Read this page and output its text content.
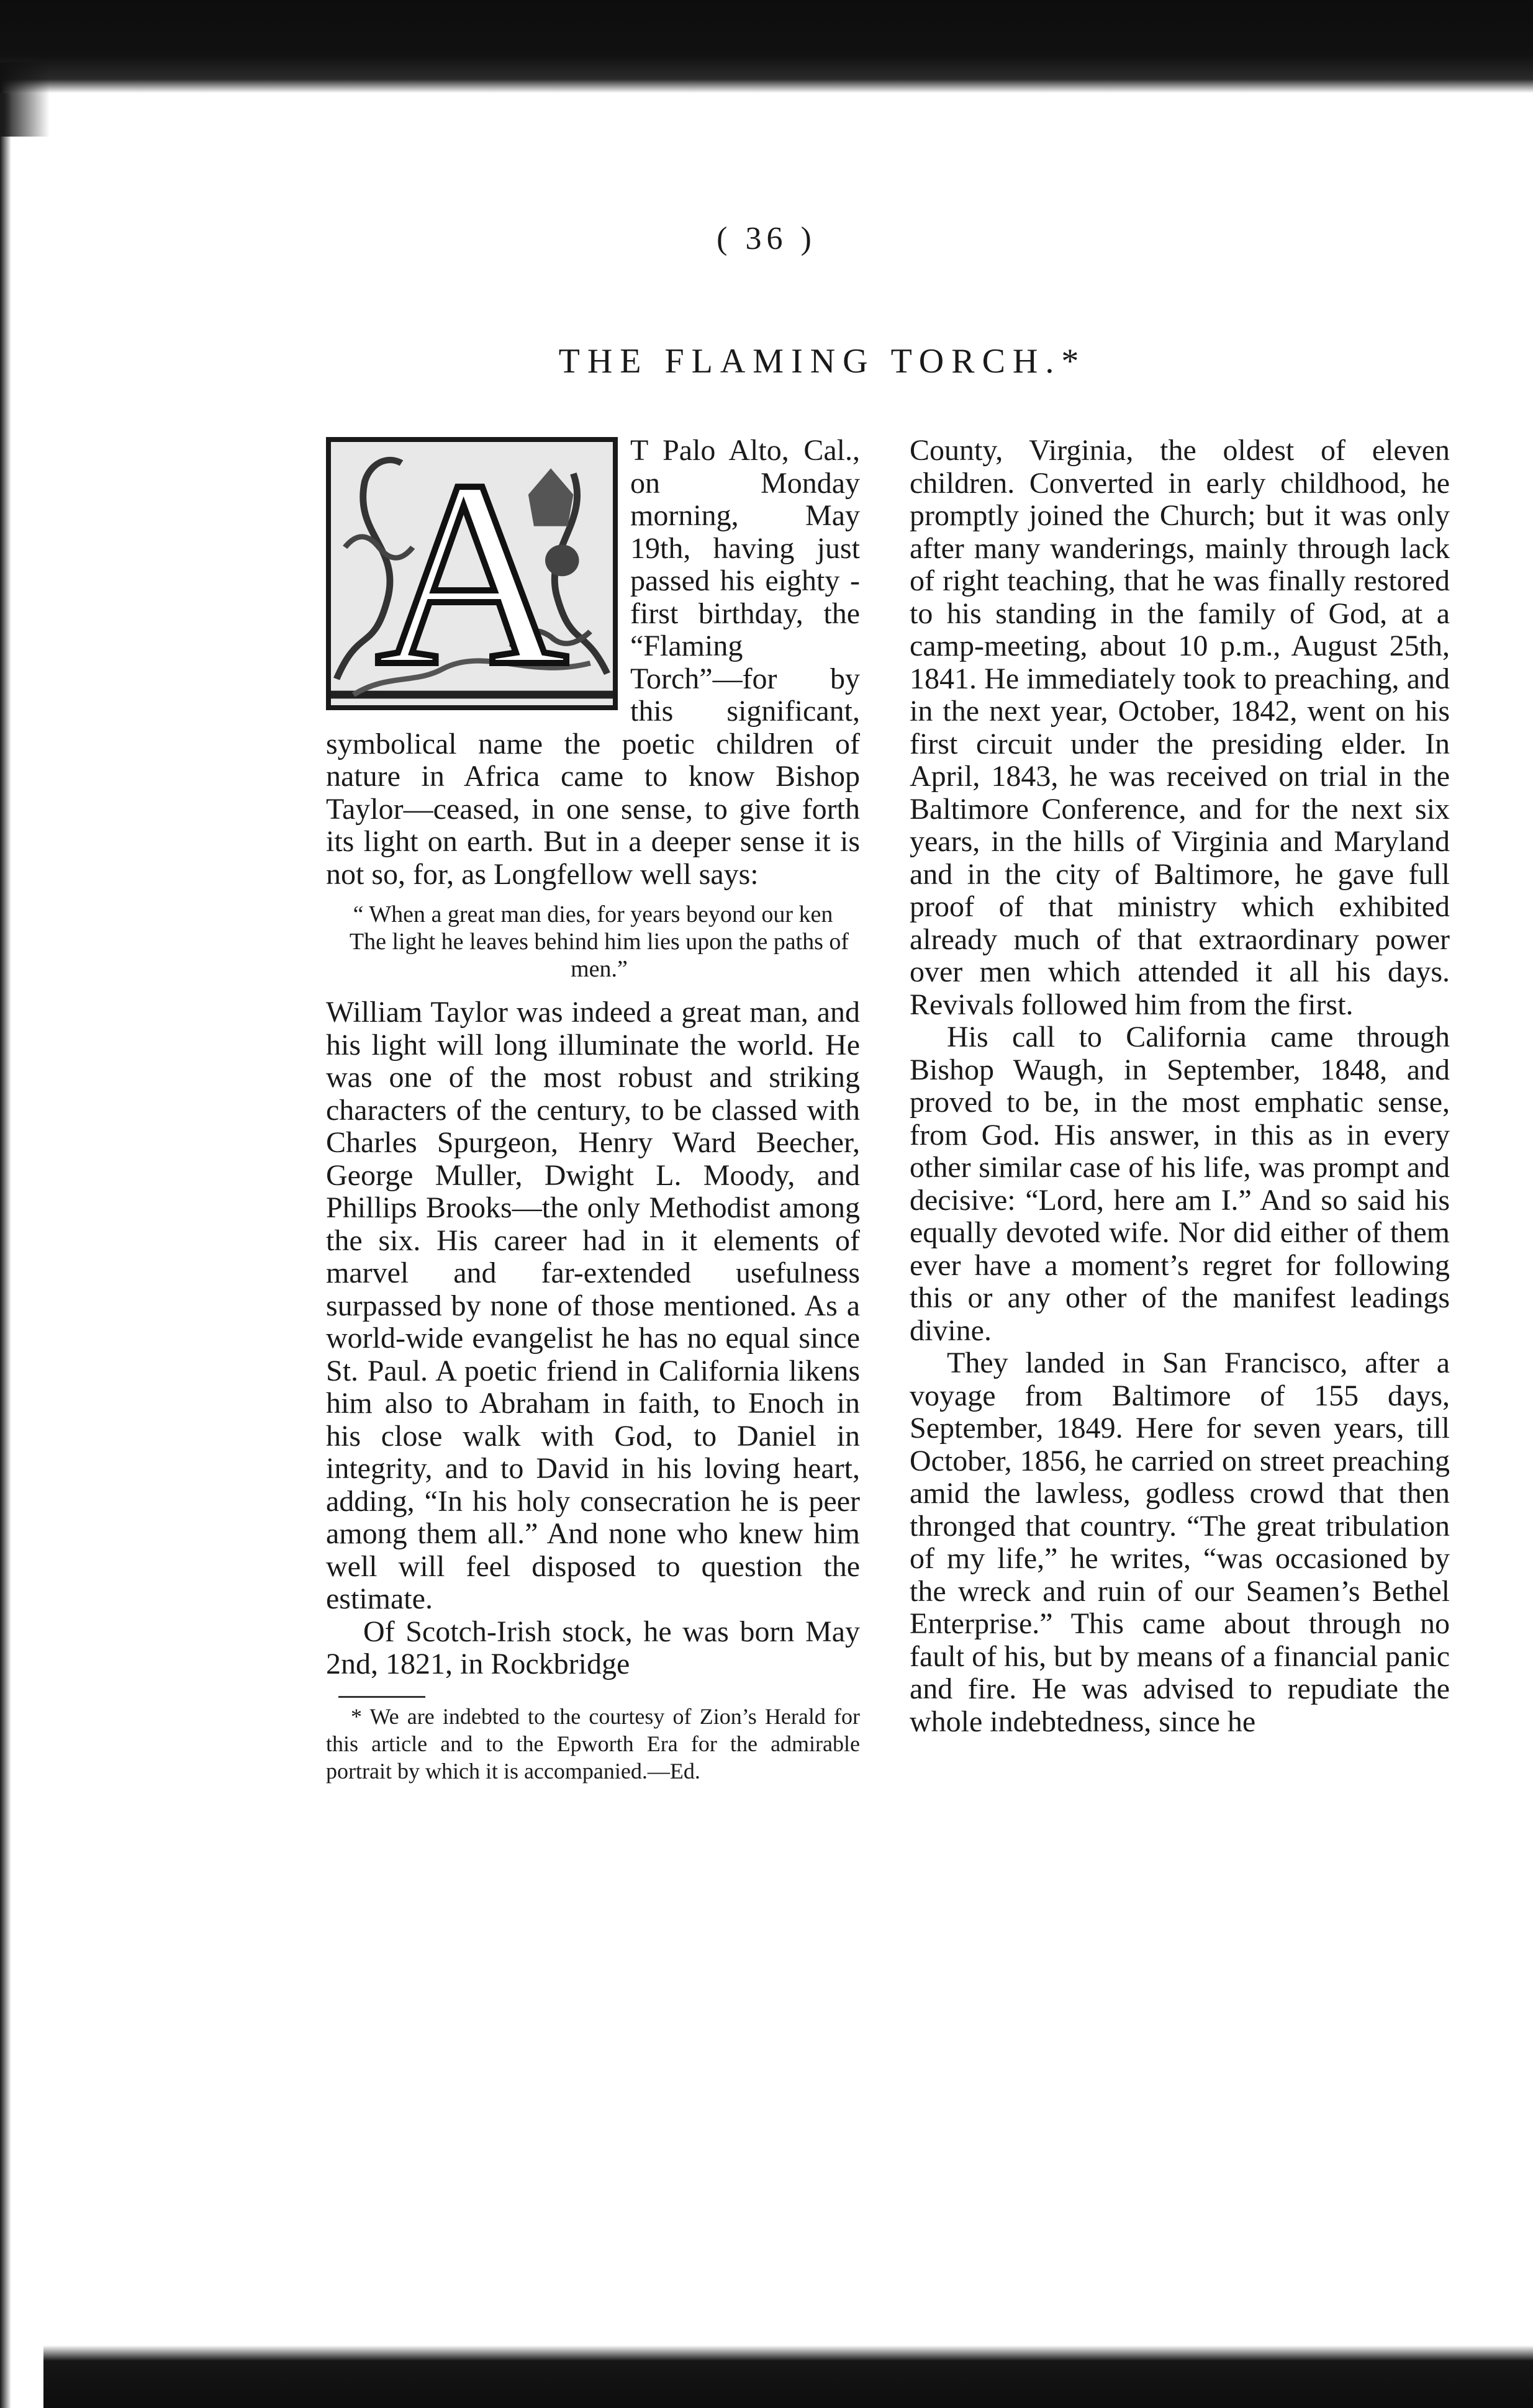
( 36 )
THE FLAMING TORCH.*
A	T Palo Alto, Cal., on Monday morning, May 19th, having just passed his eighty - first birthday, the “Flaming Torch”—for by this significant, symbolical name the poetic children of nature in Africa came to know Bishop Taylor—ceased, in one sense, to give forth its light on earth. But in a deeper sense it is not so, for, as Longfellow well says:

“ When a great man dies, for years beyond our ken
The light he leaves behind him lies upon the paths of men.”

William Taylor was indeed a great man, and his light will long illuminate the world. He was one of the most robust and striking characters of the century, to be classed with Charles Spurgeon, Henry Ward Beecher, George Muller, Dwight L. Moody, and Phillips Brooks—the only Methodist among the six. His career had in it elements of marvel and far-extended usefulness surpassed by none of those mentioned. As a world-wide evangelist he has no equal since St. Paul. A poetic friend in California likens him also to Abraham in faith, to Enoch in his close walk with God, to Daniel in integrity, and to David in his loving heart, adding, “In his holy consecration he is peer among them all.” And none who knew him well will feel disposed to question the estimate.

Of Scotch-Irish stock, he was born May 2nd, 1821, in Rockbridge

* We are indebted to the courtesy of Zion’s Herald for this article and to the Epworth Era for the admirable portrait by which it is accompanied.—Ed.

County, Virginia, the oldest of eleven children. Converted in early childhood, he promptly joined the Church; but it was only after many wanderings, mainly through lack of right teaching, that he was finally restored to his standing in the family of God, at a camp-meeting, about 10 p.m., August 25th, 1841. He immediately took to preaching, and in the next year, October, 1842, went on his first circuit under the presiding elder. In April, 1843, he was received on trial in the Baltimore Conference, and for the next six years, in the hills of Virginia and Maryland and in the city of Baltimore, he gave full proof of that ministry which exhibited already much of that extraordinary power over men which attended it all his days. Revivals followed him from the first.

His call to California came through Bishop Waugh, in September, 1848, and proved to be, in the most emphatic sense, from God. His answer, in this as in every other similar case of his life, was prompt and decisive: “Lord, here am I.” And so said his equally devoted wife. Nor did either of them ever have a moment’s regret for following this or any other of the manifest leadings divine.

They landed in San Francisco, after a voyage from Baltimore of 155 days, September, 1849. Here for seven years, till October, 1856, he carried on street preaching amid the lawless, godless crowd that then thronged that country. “The great tribulation of my life,” he writes, “was occasioned by the wreck and ruin of our Seamen’s Bethel Enterprise.” This came about through no fault of his, but by means of a financial panic and fire. He was advised to repudiate the whole indebtedness, since he
